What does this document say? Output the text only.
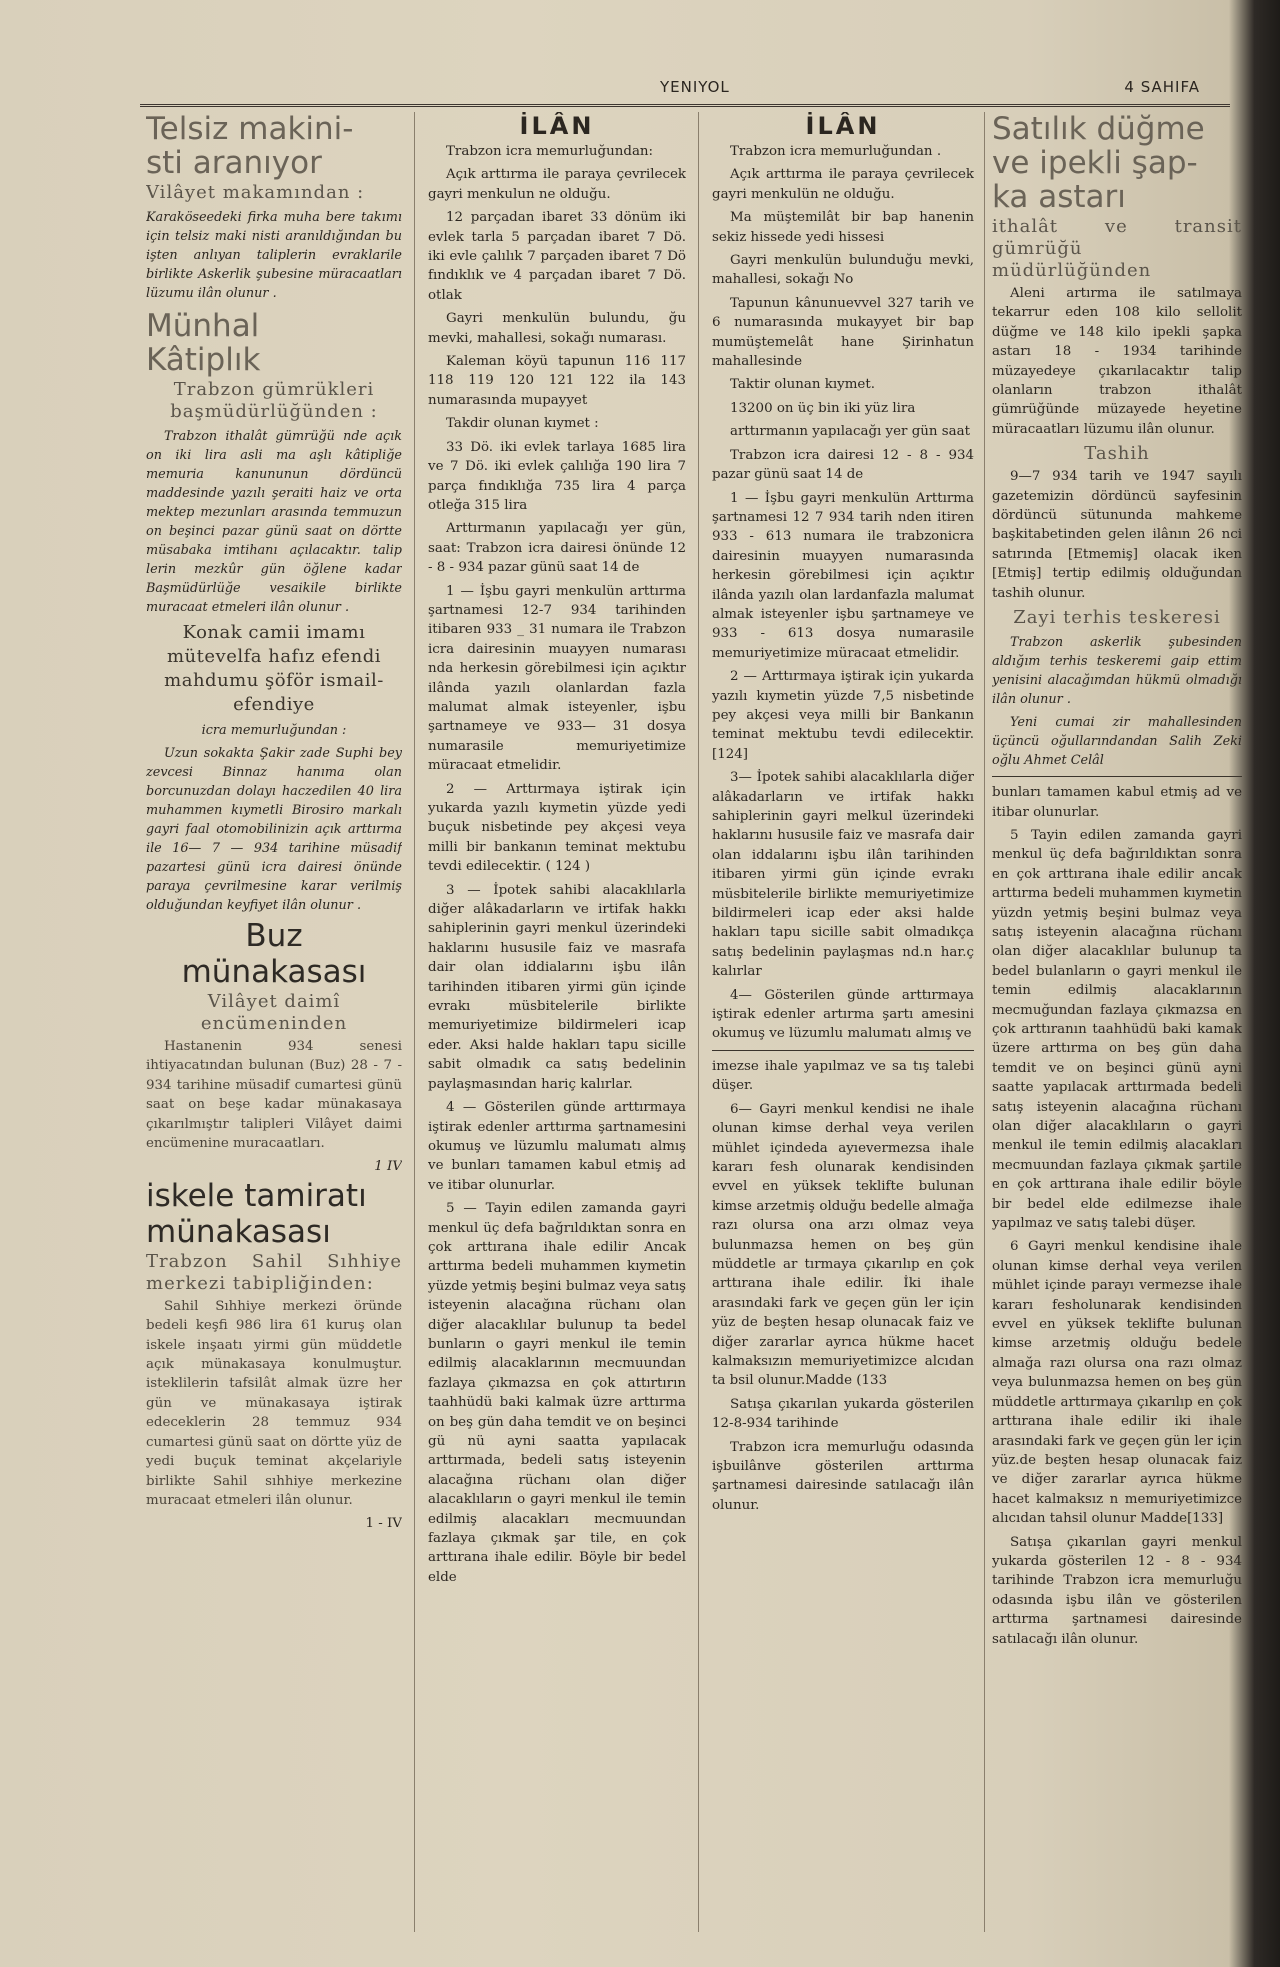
YENIYOL	4 SAHIFA
Telsiz makini-
sti aranıyor
Vilâyet makamından :

Karaköseedeki firka muha bere takımı için telsiz maki nisti aranıldığından bu işten anlıyan taliplerin evraklarile birlikte Askerlik şubesine müracaatları lüzumu ilân olunur .

Münhal
Kâtiplık
Trabzon gümrükleri başmüdürlüğünden :

Trabzon ithalât gümrüğü nde açık on iki lira asli ma aşlı kâtipliğe memuria kanununun dördüncü maddesinde yazılı şeraiti haiz ve orta mektep mezunları arasında temmuzun on beşinci pazar günü saat on dörtte müsabaka imtihanı açılacaktır. talip lerin mezkûr gün öğlene kadar Başmüdürlüğe vesaikile birlikte muracaat etmeleri ilân olunur .

Konak camii imamı mütevelfa hafız efendi mahdumu şöför ismail-efendiye
icra memurluğundan :

Uzun sokakta Şakir zade Suphi bey zevcesi Binnaz hanıma olan borcunuzdan dolayı haczedilen 40 lira muhammen kıymetli Birosiro markalı gayri faal otomobilinizin açık arttırma ile 16— 7 — 934 tarihine müsadif pazartesi günü icra dairesi önünde paraya çevrilmesine karar verilmiş olduğundan keyfiyet ilân olunur .

Buz
münakasası
Vilâyet daimî encümeninden

Hastanenin 934 senesi ihtiyacatından bulunan (Buz) 28 - 7 - 934 tarihine müsadif cumartesi günü saat on beşe kadar münakasaya çıkarılmıştır talipleri Vilâyet daimi encümenine muracaatları.

1 IV
iskele tamiratı
münakasası
Trabzon Sahil Sıhhiye merkezi tabipliğinden:

Sahil Sıhhiye merkezi öründe bedeli keşfi 986 lira 61 kuruş olan iskele inşaatı yirmi gün müddetle açık münakasaya konulmuştur. isteklilerin tafsilât almak üzre her gün ve münakasaya iştirak edeceklerin 28 temmuz 934 cumartesi günü saat on dörtte yüz de yedi buçuk teminat akçelariyle birlikte Sahil sıhhiye merkezine muracaat etmeleri ilân olunur.

1 - IV
İLÂN

Trabzon icra memurluğundan:

Açık arttırma ile paraya çevrilecek gayri menkulun ne olduğu.

12 parçadan ibaret 33 dönüm iki evlek tarla 5 parçadan ibaret 7 Dö. iki evle çalılık 7 parçaden ibaret 7 Dö fındıklık ve 4 parçadan ibaret 7 Dö. otlak

Gayri menkulün bulundu, ğu mevki, mahallesi, sokağı numarası.

Kaleman köyü tapunun 116 117 118 119 120 121 122 ila 143 numarasında mupayyet

Takdir olunan kıymet :

33 Dö. iki evlek tarlaya 1685 lira ve 7 Dö. iki evlek çalılığa 190 lira 7 parça fındıklığa 735 lira 4 parça otleğa 315 lira

Arttırmanın yapılacağı yer gün, saat: Trabzon icra dairesi önünde 12 - 8 - 934 pazar günü saat 14 de

1 — İşbu gayri menkulün arttırma şartnamesi 12-7 934 tarihinden itibaren 933 _ 31 numara ile Trabzon icra dairesinin muayyen numarası nda herkesin görebilmesi için açıktır ilânda yazılı olanlardan fazla malumat almak isteyenler, işbu şartnameye ve 933— 31 dosya numarasile memuriyetimize müracaat etmelidir.

2 — Arttırmaya iştirak için yukarda yazılı kıymetin yüzde yedi buçuk nisbetinde pey akçesi veya milli bir bankanın teminat mektubu tevdi edilecektir. ( 124 )

3 — İpotek sahibi alacaklılarla diğer alâkadarların ve irtifak hakkı sahiplerinin gayri menkul üzerindeki haklarını hususile faiz ve masrafa dair olan iddialarını işbu ilân tarihinden itibaren yirmi gün içinde evrakı müsbitelerile birlikte memuriyetimize bildirmeleri icap eder. Aksi halde hakları tapu sicille sabit olmadık ca satış bedelinin paylaşmasından hariç kalırlar.

4 — Gösterilen günde arttırmaya iştirak edenler arttırma şartnamesini okumuş ve lüzumlu malumatı almış ve bunları tamamen kabul etmiş ad ve itibar olunurlar.

5 — Tayin edilen zamanda gayri menkul üç defa bağrıldıktan sonra en çok arttırana ihale edilir Ancak arttırma bedeli muhammen kıymetin yüzde yetmiş beşini bulmaz veya satış isteyenin alacağına rüchanı olan diğer alacaklılar bulunup ta bedel bunların o gayri menkul ile temin edilmiş alacaklarının mecmuundan fazlaya çıkmazsa en çok attırtırın taahhüdü baki kalmak üzre arttırma on beş gün daha temdit ve on beşinci gü nü ayni saatta yapılacak arttırmada, bedeli satış isteyenin alacağına rüchanı olan diğer alacaklıların o gayri menkul ile temin edilmiş alacakları mecmuundan fazlaya çıkmak şar tile, en çok arttırana ihale edilir. Böyle bir bedel elde

İLÂN

Trabzon icra memurluğundan .

Açık arttırma ile paraya çevrilecek gayri menkulün ne olduğu.

Ma müştemilât bir bap hanenin sekiz hissede yedi hissesi

Gayri menkulün bulunduğu mevki, mahallesi, sokağı No

Tapunun kânunuevvel 327 tarih ve 6 numarasında mukayyet bir bap mumüştemelât hane Şirinhatun mahallesinde

Taktir olunan kıymet.

13200 on üç bin iki yüz lira

arttırmanın yapılacağı yer gün saat

Trabzon icra dairesi 12 - 8 - 934 pazar günü saat 14 de

1 — İşbu gayri menkulün Arttırma şartnamesi 12 7 934 tarih nden itiren 933 - 613 numara ile trabzonicra dairesinin muayyen numarasında herkesin görebilmesi için açıktır ilânda yazılı olan lardanfazla malumat almak isteyenler işbu şartnameye ve 933 - 613 dosya numarasile memuriyetimize müracaat etmelidir.

2 — Arttırmaya iştirak için yukarda yazılı kıymetin yüzde 7,5 nisbetinde pey akçesi veya milli bir Bankanın teminat mektubu tevdi edilecektir. [124]

3— İpotek sahibi alacaklılarla diğer alâkadarların ve irtifak hakkı sahiplerinin gayri melkul üzerindeki haklarını hususile faiz ve masrafa dair olan iddalarını işbu ilân tarihinden itibaren yirmi gün içinde evrakı müsbitelerile birlikte memuriyetimize bildirmeleri icap eder aksi halde hakları tapu sicille sabit olmadıkça satış bedelinin paylaşmas nd.n har.ç kalırlar

4— Gösterilen günde arttırmaya iştirak edenler artırma şartı amesini okumuş ve lüzumlu malumatı almış ve

imezse ihale yapılmaz ve sa tış talebi düşer.

6— Gayri menkul kendisi ne ihale olunan kimse derhal veya verilen mühlet içindeda ayıevermezsa ihale kararı fesh olunarak kendisinden evvel en yüksek teklifte bulunan kimse arzetmiş olduğu bedelle almağa razı olursa ona arzı olmaz veya bulunmazsa hemen on beş gün müddetle ar tırmaya çıkarılıp en çok arttırana ihale edilir. İki ihale arasındaki fark ve geçen gün ler için yüz de beşten hesap olunacak faiz ve diğer zararlar ayrıca hükme hacet kalmaksızın memuriyetimizce alcıdan ta bsil olunur.Madde (133

Satışa çıkarılan yukarda gösterilen 12-8-934 tarihinde

Trabzon icra memurluğu odasında işbuilânve gösterilen arttırma şartnamesi dairesinde satılacağı ilân olunur.

Satılık düğme
ve ipekli şap-
ka astarı
ithalât ve transit gümrüğü müdürlüğünden

Aleni artırma ile satılmaya tekarrur eden 108 kilo sellolit düğme ve 148 kilo ipekli şapka astarı 18 - 1934 tarihinde müzayedeye çıkarılacaktır talip olanların trabzon ithalât gümrüğünde müzayede heyetine müracaatları lüzumu ilân olunur.

Tashih

9—7 934 tarih ve 1947 sayılı gazetemizin dördüncü sayfesinin dördüncü sütununda mahkeme başkitabetinden gelen ilânın 26 nci satırında [Etmemiş] olacak iken [Etmiş] tertip edilmiş olduğundan tashih olunur.

Zayi terhis teskeresi

Trabzon askerlik şubesinden aldığım terhis teskeremi gaip ettim yenisini alacağımdan hükmü olmadığı ilân olunur .

Yeni cumai zir mahallesinden üçüncü oğullarındandan Salih Zeki oğlu Ahmet Celâl

bunları tamamen kabul etmiş ad ve itibar olunurlar.

5 Tayin edilen zamanda gayri menkul üç defa bağırıldıktan sonra en çok arttırana ihale edilir ancak arttırma bedeli muhammen kıymetin yüzdn yetmiş beşini bulmaz veya satış isteyenin alacağına rüchanı olan diğer alacaklılar bulunup ta bedel bulanların o gayri menkul ile temin edilmiş alacaklarının mecmuğundan fazlaya çıkmazsa en çok arttıranın taahhüdü baki kamak üzere arttırma on beş gün daha temdit ve on beşinci günü ayni saatte yapılacak arttırmada bedeli satış isteyenin alacağına rüchanı olan diğer alacaklıların o gayri menkul ile temin edilmiş alacakları mecmuundan fazlaya çıkmak şartile en çok arttırana ihale edilir böyle bir bedel elde edilmezse ihale yapılmaz ve satış talebi düşer.

6 Gayri menkul kendisine ihale olunan kimse derhal veya verilen mühlet içinde parayı vermezse ihale kararı fesholunarak kendisinden evvel en yüksek teklifte bulunan kimse arzetmiş olduğu bedele almağa razı olursa ona razı olmaz veya bulunmazsa hemen on beş gün müddetle arttırmaya çıkarılıp en çok arttırana ihale edilir iki ihale arasındaki fark ve geçen gün ler için yüz.de beşten hesap olunacak faiz ve diğer zararlar ayrıca hükme hacet kalmaksız n memuriyetimizce alıcıdan tahsil olunur Madde[133]

Satışa çıkarılan gayri menkul yukarda gösterilen 12 - 8 - 934 tarihinde Trabzon icra memurluğu odasında işbu ilân ve gösterilen arttırma şartnamesi dairesinde satılacağı ilân olunur.
